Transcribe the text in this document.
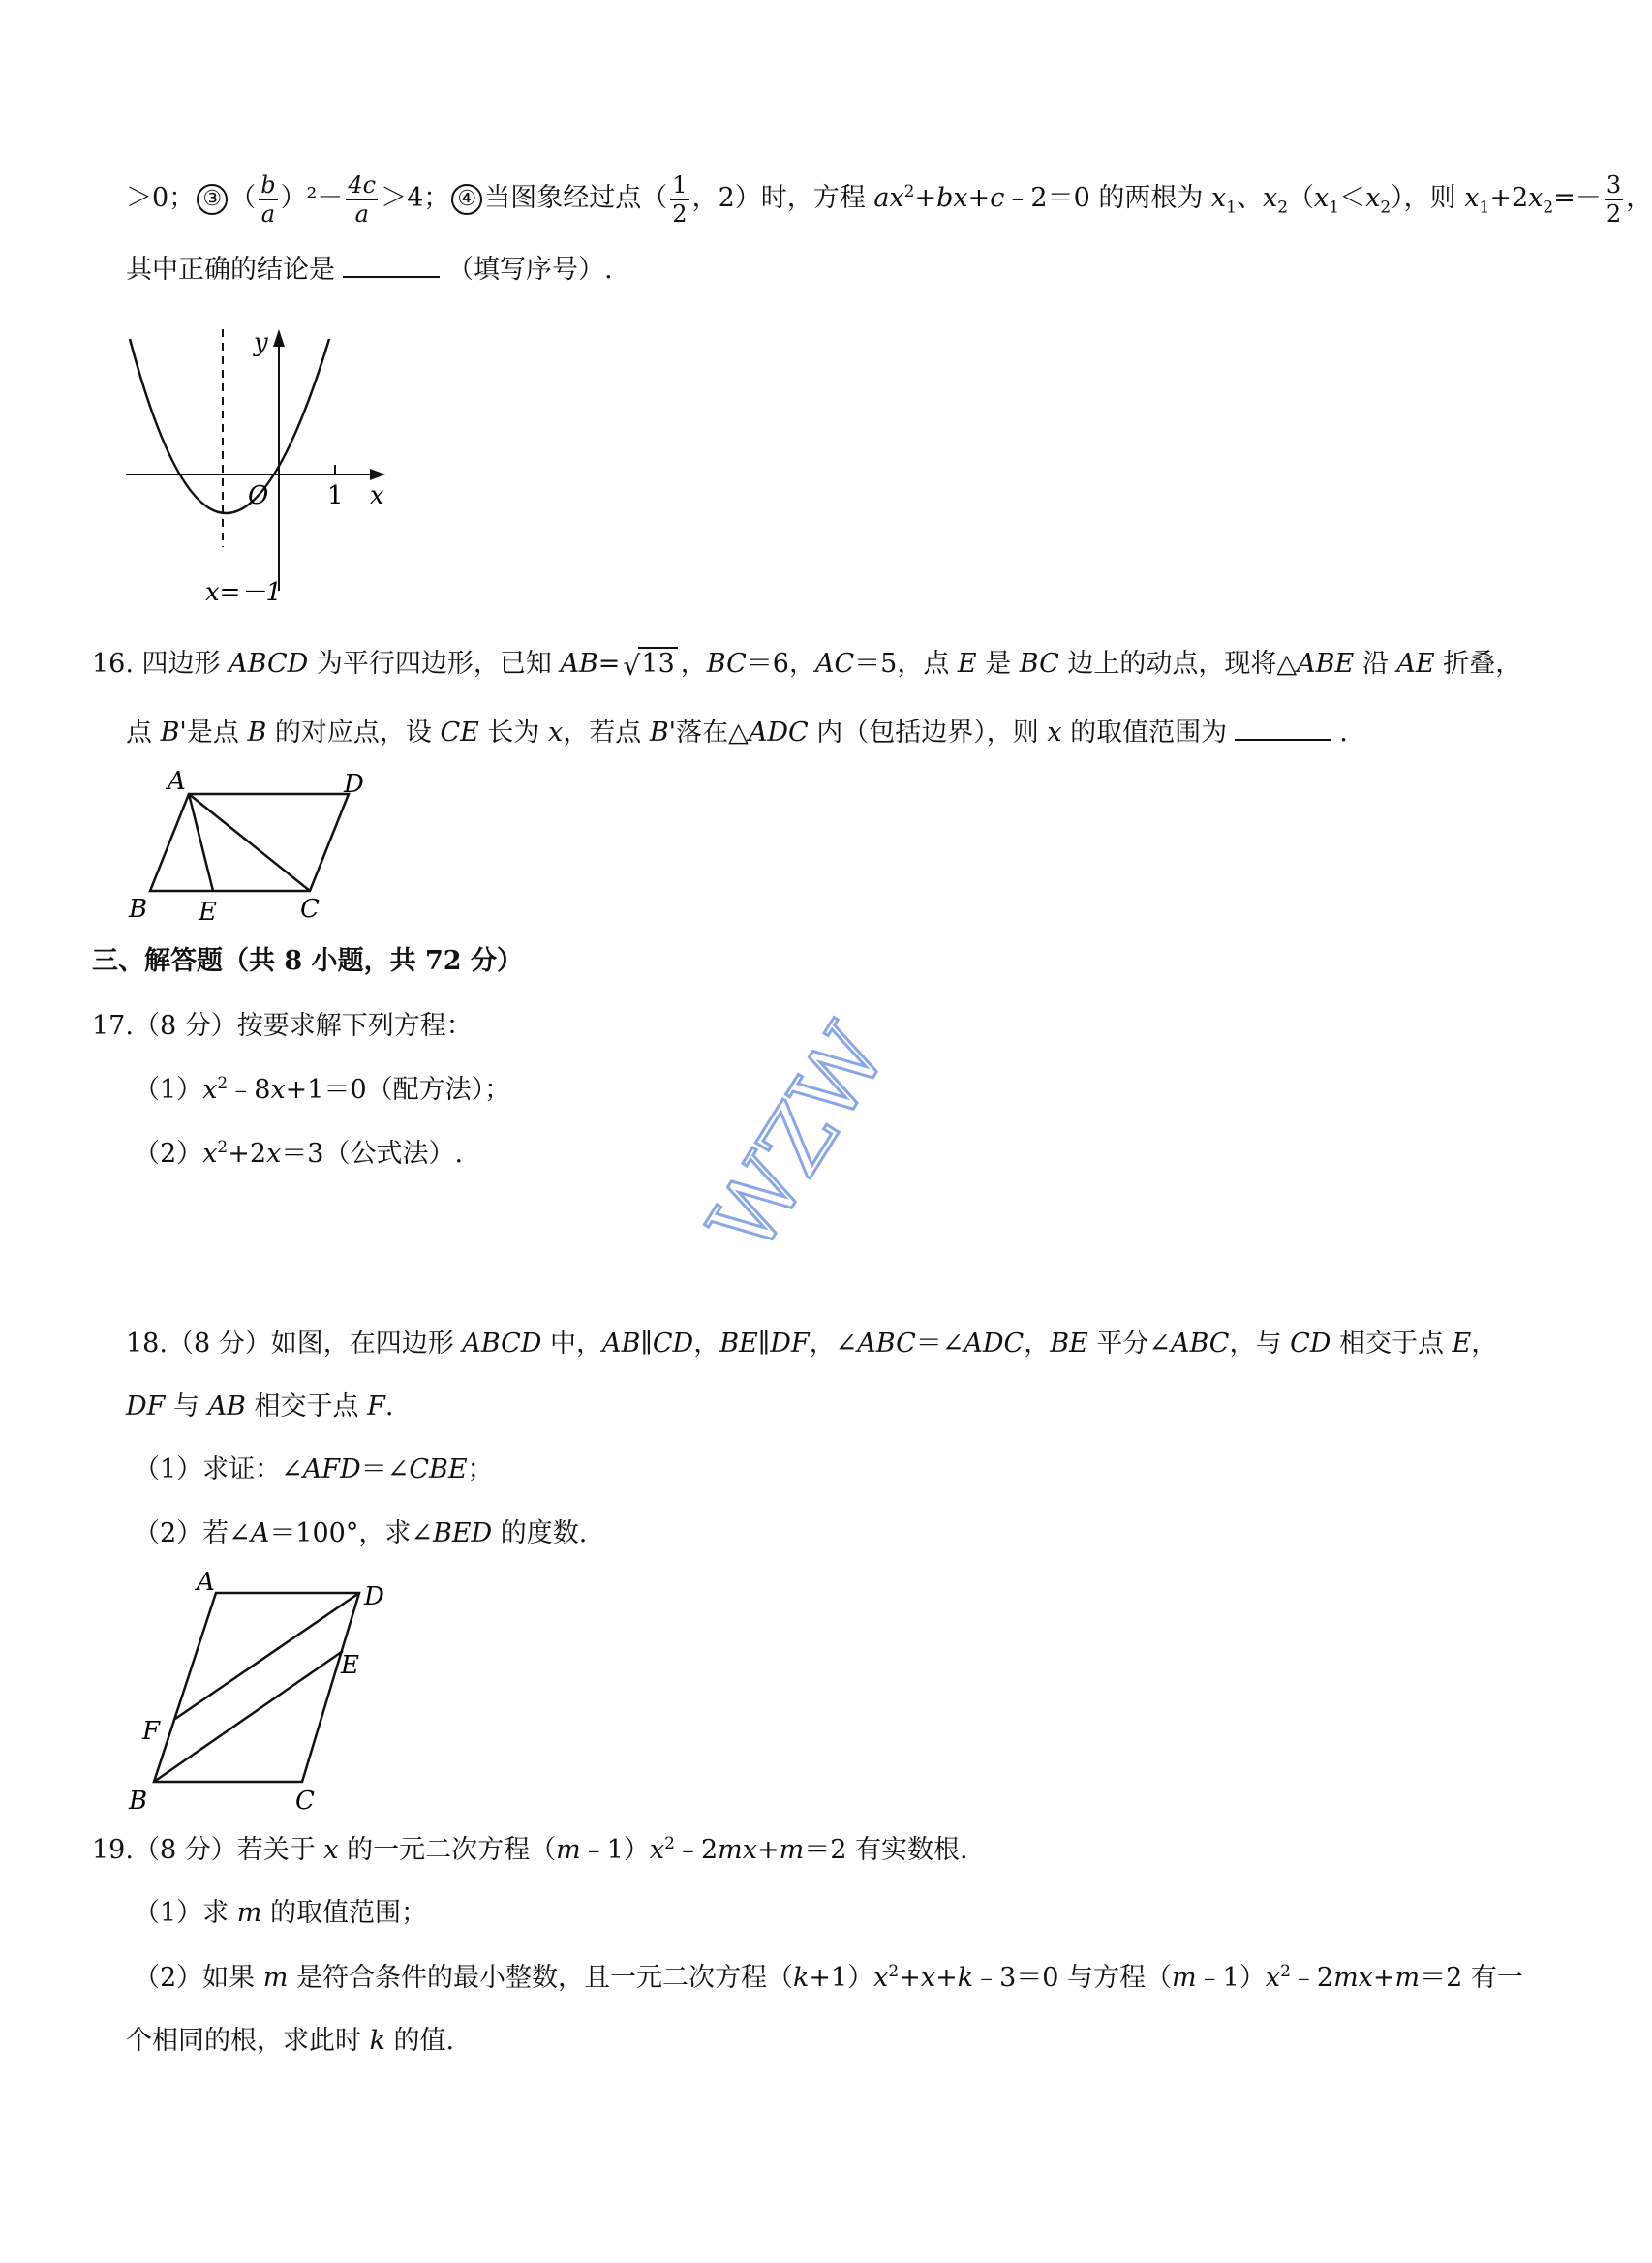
＞0； ③ （ $\frac{b}{a} )^2- \frac{4c}{a} >4$； ④ 当图象经过点（ $\frac{1}{2}$ ，2）时，方程 $ax^2+bx+c﹣2=0$ 的两根为 $x_1$、$x_2(x_1<x_2)$，则 $x_1+2x_2=- \frac{3}{2}$ ，
其中正确的结论是	（填写序号）.
y
x
O 1
x=－1
16. 四边形 ABCD 为平行四边形，已知 AB= √ 13 ，BC＝6，AC＝5，点 E 是 BC 边上的动点，现将△ABE 沿 AE 折叠，
点 B'是点 B 的对应点，设 CE 长为 x，若点 B'落在△ADC 内（包括边界），则 x 的取值范围为	.
A	D
B E	C
三、解答题（共 8 小题，共 72 分）
17.（8 分）按要求解下列方程：
$(1)x^2﹣8x+1=0$（配方法）；
$(2)x^2+2x=3$（公式法）.	WZW
18.（8 分）如图，在四边形 ABCD 中，AB∥CD，BE∥DF，∠ABC＝∠ADC，BE 平分∠ABC，与 CD 相交于点 E，
DF 与 AB 相交于点 F.
（1）求证：∠AFD＝∠CBE；
（2）若∠A＝100°，求∠BED 的度数.
A	D
E
F
B	C
19.（8 分）若关于 x 的一元二次方程$(m﹣1)x^2﹣2mx+m=2$ 有实数根.
（1）求 m 的取值范围；
（2）如果 m 是符合条件的最小整数，且一元二次方程$(k+1)x^2+x+k﹣3=0$ 与方程$(m﹣1)x^2﹣2mx+m=2$ 有一
个相同的根，求此时 k 的值.
